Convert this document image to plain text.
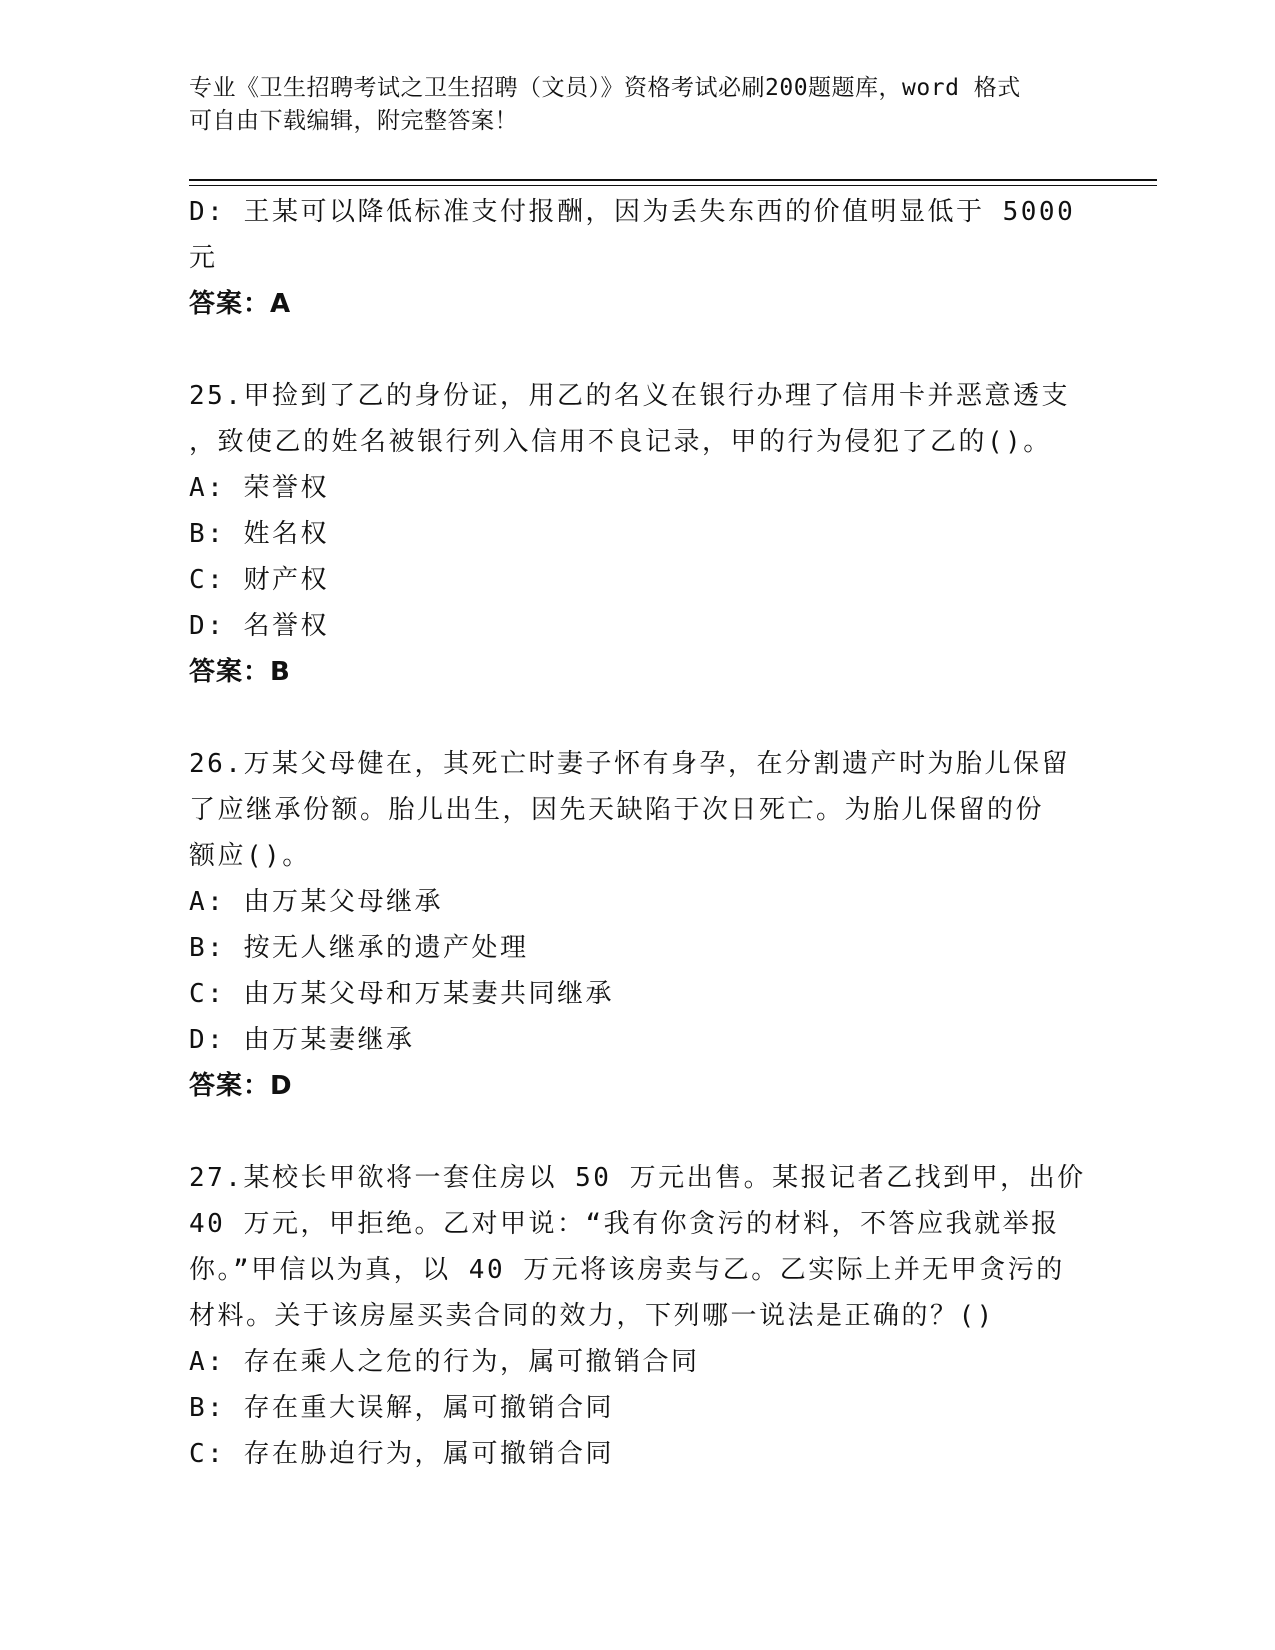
专业《卫生招聘考试之卫生招聘（文员）》资格考试必刷200题题库，word 格式
可自由下载编辑，附完整答案！
D: 王某可以降低标准支付报酬，因为丢失东西的价值明显低于 5000
元
答案：A
25.甲捡到了乙的身份证，用乙的名义在银行办理了信用卡并恶意透支
，致使乙的姓名被银行列入信用不良记录，甲的行为侵犯了乙的()。
A: 荣誉权
B: 姓名权
C: 财产权
D: 名誉权
答案：B
26.万某父母健在，其死亡时妻子怀有身孕，在分割遗产时为胎儿保留
了应继承份额。胎儿出生，因先天缺陷于次日死亡。为胎儿保留的份
额应()。
A: 由万某父母继承
B: 按无人继承的遗产处理
C: 由万某父母和万某妻共同继承
D: 由万某妻继承
答案：D
27.某校长甲欲将一套住房以 50 万元出售。某报记者乙找到甲，出价
40 万元，甲拒绝。乙对甲说：“我有你贪污的材料，不答应我就举报
你。”甲信以为真，以 40 万元将该房卖与乙。乙实际上并无甲贪污的
材料。关于该房屋买卖合同的效力，下列哪一说法是正确的？()
A: 存在乘人之危的行为，属可撤销合同
B: 存在重大误解，属可撤销合同
C: 存在胁迫行为，属可撤销合同
